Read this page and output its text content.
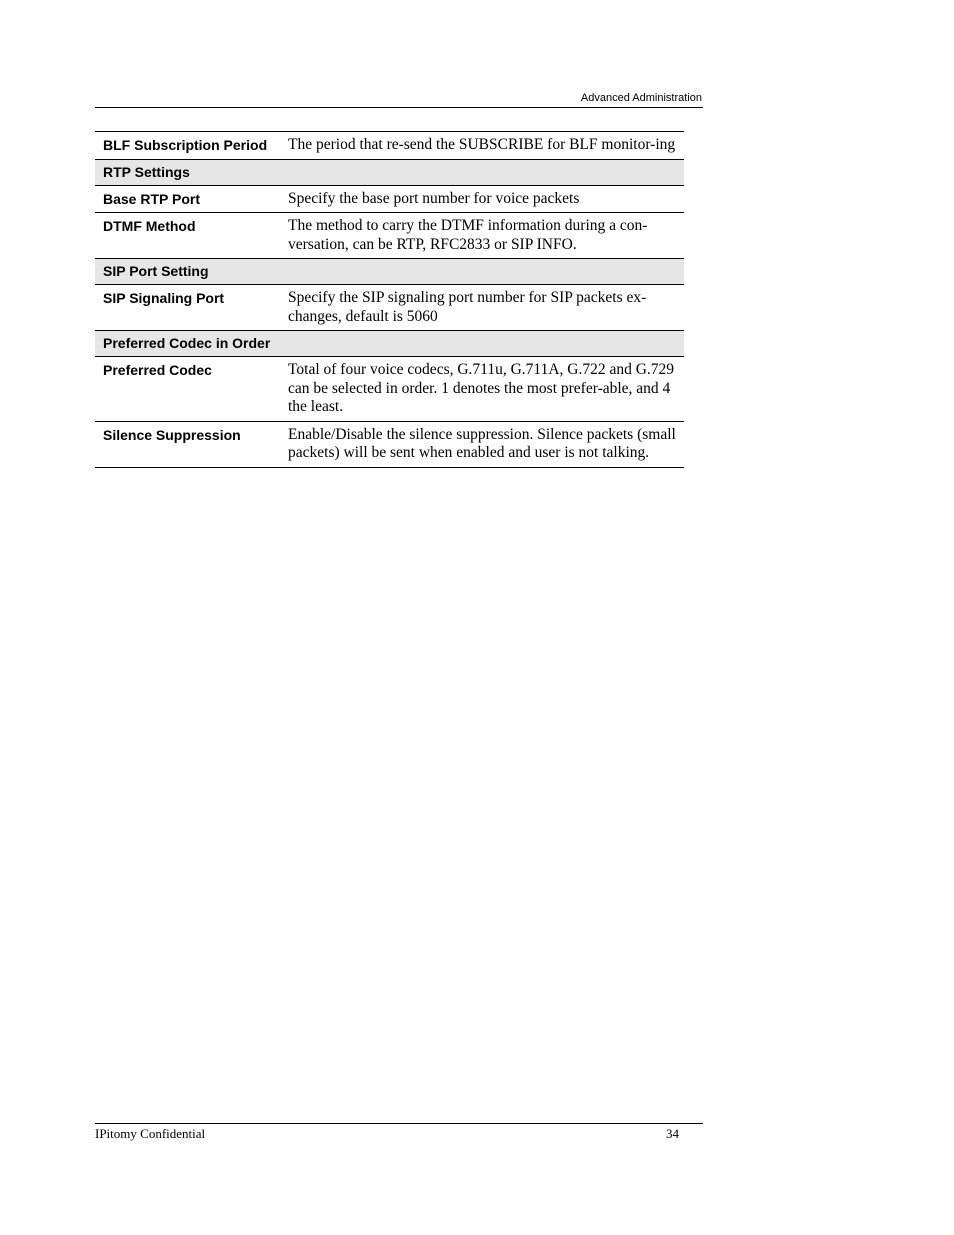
Advanced Administration
BLF Subscription Period	The period that re-send the SUBSCRIBE for BLF monitor-ing
RTP Settings	
Base RTP Port	Specify the base port number for voice packets
DTMF Method	The method to carry the DTMF information during a con-versation, can be RTP, RFC2833 or SIP INFO.
SIP Port Setting	
SIP Signaling Port	Specify the SIP signaling port number for SIP packets ex-changes, default is 5060
Preferred Codec in Order	
Preferred Codec	Total of four voice codecs, G.711u, G.711A, G.722 and G.729 can be selected in order. 1 denotes the most prefer-able, and 4 the least.
Silence Suppression	Enable/Disable the silence suppression. Silence packets (small packets) will be sent when enabled and user is not talking.
IPitomy Confidential	34
